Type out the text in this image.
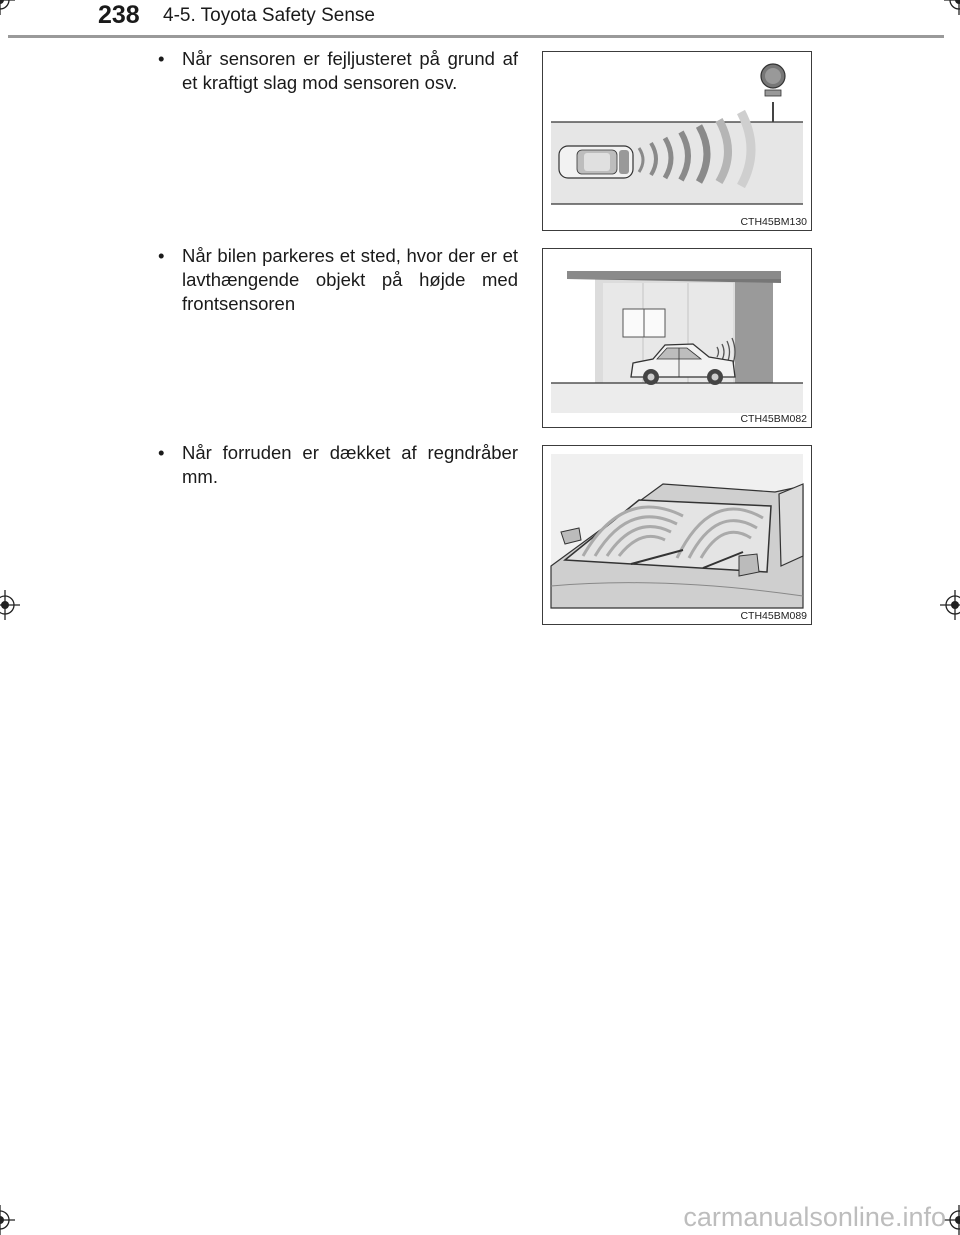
238 4-5. Toyota Safety Sense
• Når sensoren er fejljusteret på grund af et kraftigt slag mod sensoren osv.
CTH45BM130
• Når bilen parkeres et sted, hvor der er et lavthængende objekt på højde med frontsensoren
CTH45BM082
• Når forruden er dækket af regndråber mm.
CTH45BM089
carmanualsonline.info
